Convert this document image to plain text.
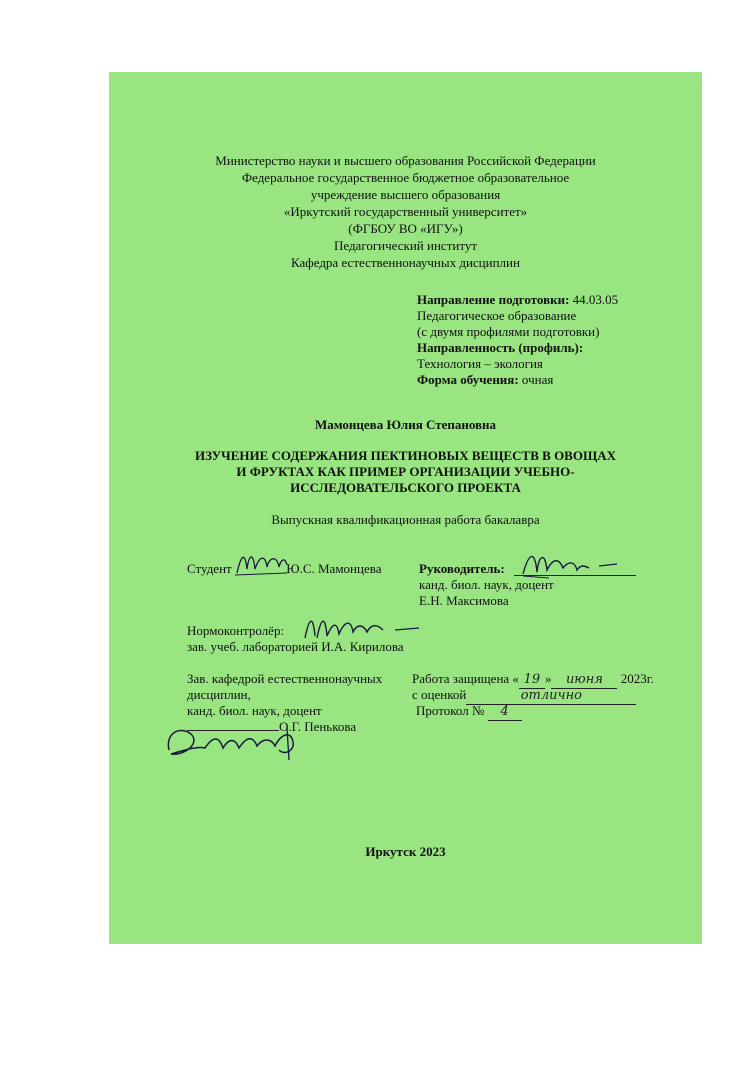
Министерство науки и высшего образования Российской Федерации
Федеральное государственное бюджетное образовательное
учреждение высшего образования
«Иркутский государственный университет»
(ФГБОУ ВО «ИГУ»)
Педагогический институт
Кафедра естественнонаучных дисциплин
Направление подготовки: 44.03.05
Педагогическое образование
(с двумя профилями подготовки)
Направленность (профиль):
Технология – экология
Форма обучения: очная
Мамонцева Юлия Степановна
ИЗУЧЕНИЕ СОДЕРЖАНИЯ ПЕКТИНОВЫХ ВЕЩЕСТВ В ОВОЩАХ
И ФРУКТАХ КАК ПРИМЕР ОРГАНИЗАЦИИ УЧЕБНО-
ИССЛЕДОВАТЕЛЬСКОГО ПРОЕКТА
Выпускная квалификационная работа бакалавра
Студент	Ю.С. Мамонцева	Руководитель:
канд. биол. наук, доцент
Е.Н. Максимова
Нормоконтролёр:
зав. учеб. лабораторией И.А. Кирилова
Зав. кафедрой естественнонаучных
дисциплин,
канд. биол. наук, доцент
О.Г. Пенькова
Работа защищена « 19 » июня 2023г.
с оценкой	отлично
Протокол № 4
Иркутск 2023
